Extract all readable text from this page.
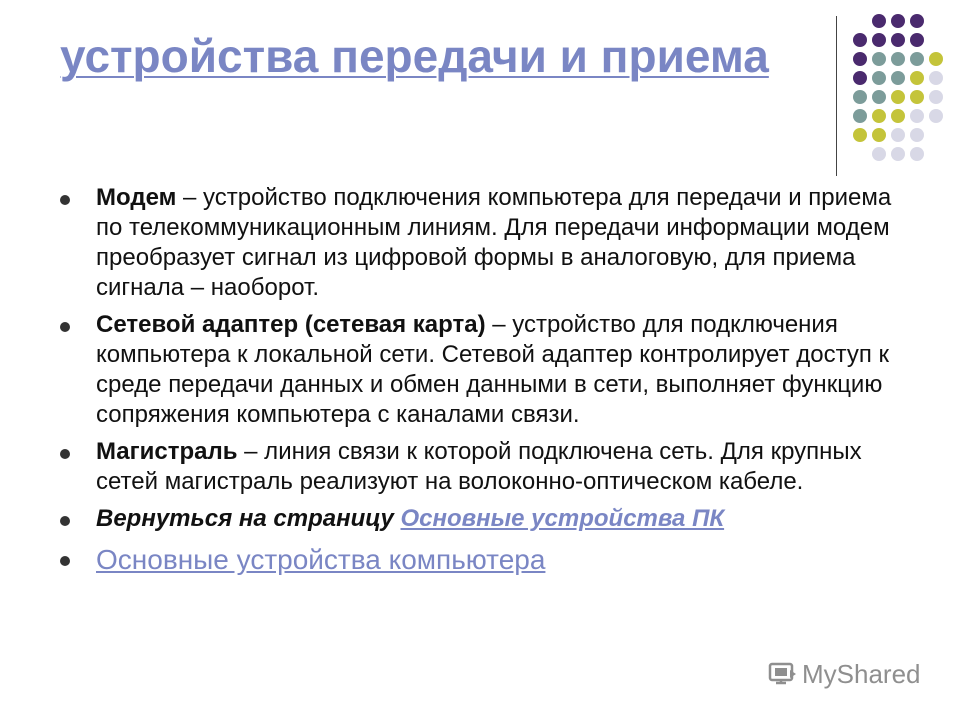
устройства передачи и приема
Модем – устройство подключения компьютера для передачи и приема по телекоммуникационным линиям. Для передачи информации модем преобразует сигнал из цифровой формы в аналоговую, для приема сигнала – наоборот.
Сетевой адаптер (сетевая карта) – устройство для подключения компьютера к локальной сети. Сетевой адаптер контролирует доступ к среде передачи данных и обмен данными в сети, выполняет функцию сопряжения компьютера с каналами связи.
Магистраль – линия связи к которой подключена сеть. Для крупных сетей магистраль реализуют на волоконно-оптическом кабеле.
Вернуться на страницу Основные устройства ПК
Основные устройства компьютера
MyShared
